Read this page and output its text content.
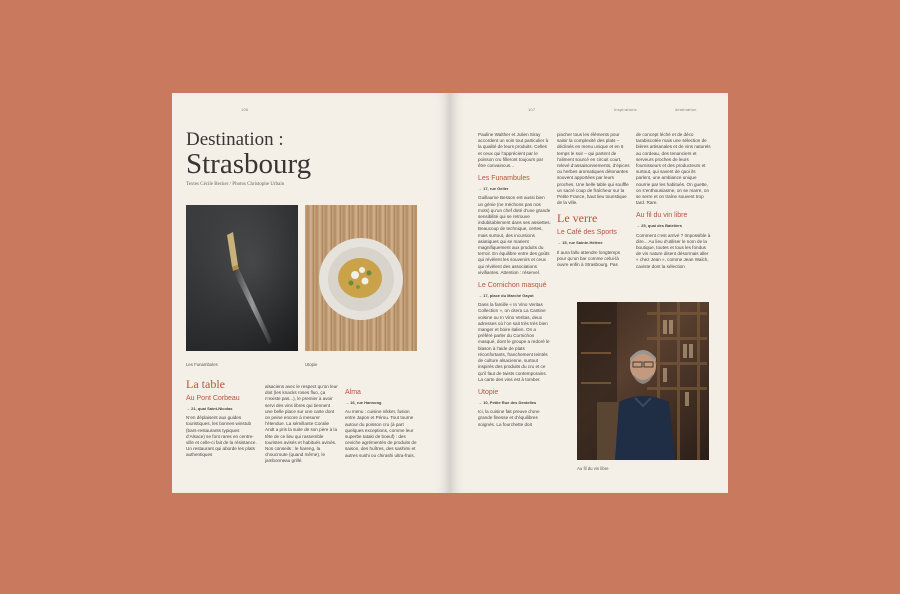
106
Destination :
Strasbourg
Textes Cécile Becker / Photos Christophe Urbain
Les Funambules	Utopie
La table
Au Pont Corbeau
→ 21, quai Saint-Nicolas

N’en déplaisent aux guides touristiques, les bonnes winstub (bars-restaurants typiques d’Alsace) se font rares en centre-ville et celle-ci fait de la résistance. Un restaurant qui aborde les plats authentiques

alsaciens avec le respect qu’on leur doit (les knacks roses fluo, ça n’existe pas...), le premier à avoir servi des vins libres qui tiennent une belle place sur une carte dont on peine encore à mesurer l’étendue. La sémillante Coralie Andt a pris la suite de son père à la tête de ce lieu qui rassemble touristes avisés et habitués avinés. Nos conseils : le hareng, la choucroute (quand même), le jambonneau grillé.

Alma
→ 16, rue Hannong

Au menu : cuisine nikkeï, fusion entre Japon et Pérou. Tout tourne autour du poisson cru (à part quelques exceptions, comme leur superbe tataki de boeuf) : des ceviche agrémentés de produits de saison, des huîtres, des sashimi et autres sushi ou chirashi ultra-frais.

107	Inspirations	destination

Pauline Walther et Julien Siray accordent un soin tout particulier à la qualité de leurs produits. Celles et ceux qui l’apprécient par le poisson cru filleront toujours par être convaincus...

Les Funambules
→ 17, rue Geiler

Guillaume Besson est aussi bien un génie (ne méchons pas nos mots) qu’un chef doté d’une grande sensibilité qui se retrouve indubitablement dans ses assiettes. Beaucoup de technique, certes, mais surtout, des incursions asiatiques qui se marient magnifiquement aux produits du terroir. En équilibre entre des goûts qui révèlent les souvenirs et ceux qui révèlent des associations vivifiantes. Attention : réservel.

Le Cornichon masqué
→ 17, place du Marché Gayot

Dans la famille « In Vino Veritas Collection », on citera La Cantine voisine ou In Vino Veritas, deux adresses où l’on sait très très bien manger et boire italien. On a préféré parler du Cornichon masqué, dont le groupe a redoré le blason à l’aide de plats réconfortants, franchement teintés de culture alsacienne, surtout inspirés des produits du cru et ce qu’il faut de twists contemporains. La carte des vins est à tomber.

Utopie
→ 10, Petite Rue des Dentelles

Ici, la cuisine fait preuve d’une grande finesse et d’équilibres soignés. La fourchette doit

piocher tous les éléments pour saisir la complexité des plats – déclinés en menu unique et en 6 temps le soir – qui partent de l’aliment sourcé en circuit court, relevé d’assaisonnements, d’épices ou herbes aromatiques détonantes souvent apportées par leurs proches. Une belle table qui souffle un sacré coup de fraîcheur sur la Petite France, haut lieu touristique de la ville.

Le verre
Le Café des Sports
→ 15, rue Sainte-Hélène

Il aura fallu attendre longtemps pour qu’un bar comme celui-là ouvre enfin à Strasbourg. Pas

de concept léché et de déco tarabiscotée mais une sélection de bières artisanales et de vins naturels au cordeau, des tenanciers et serveurs proches de leurs fournisseurs et des producteurs et surtout, qui savent de quoi ils parlent, une ambiance unique nourrie par les habitués. On guette, on s’enthousiasme, on se marre, on se serre et on traîne souvent trop tard. Rare.

Au fil du vin libre
→ 25, quai des Bateliers

Comment c’est arrivé ? Impossible à dire... Au lieu d’utiliser le nom de la boutique, toutes et tous les fondus de vin nature disent désormais aller « chez Jean », comme Jean Walch, caviste dont la sélection

Au fil du vin libre
